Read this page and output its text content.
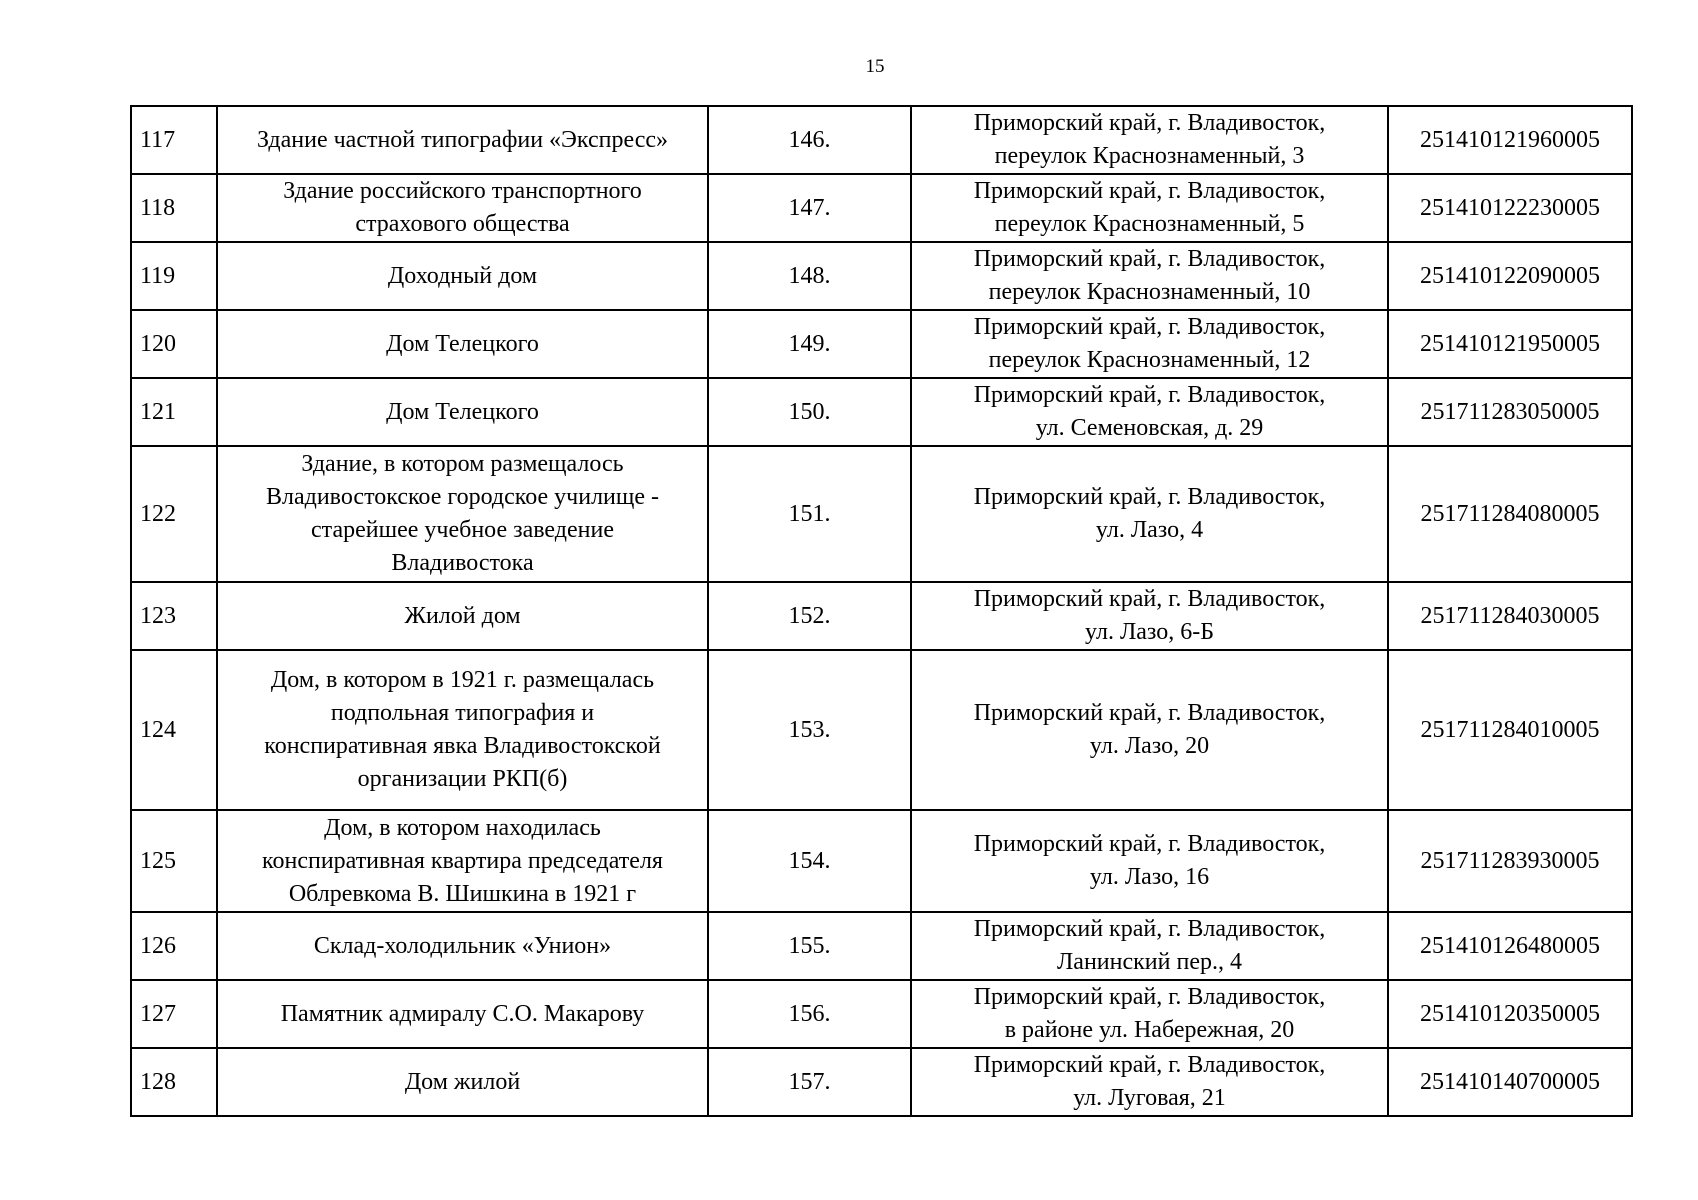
15
117	Здание частной типографии «Экспресс»	146.	Приморский край, г. Владивосток,
переулок Краснознаменный, 3	251410121960005
118	Здание российского транспортного
страхового общества	147.	Приморский край, г. Владивосток,
переулок Краснознаменный, 5	251410122230005
119	Доходный дом	148.	Приморский край, г. Владивосток,
переулок Краснознаменный, 10	251410122090005
120	Дом Телецкого	149.	Приморский край, г. Владивосток,
переулок Краснознаменный, 12	251410121950005
121	Дом Телецкого	150.	Приморский край, г. Владивосток,
ул. Семеновская, д. 29	251711283050005
122	Здание, в котором размещалось
Владивостокское городское училище -
старейшее учебное заведение
Владивостока	151.	Приморский край, г. Владивосток,
ул. Лазо, 4	251711284080005
123	Жилой дом	152.	Приморский край, г. Владивосток,
ул. Лазо, 6-Б	251711284030005
124	Дом, в котором в 1921 г. размещалась
подпольная типография и
конспиративная явка Владивостокской
организации РКП(б)	153.	Приморский край, г. Владивосток,
ул. Лазо, 20	251711284010005
125	Дом, в котором находилась
конспиративная квартира председателя
Облревкома В. Шишкина в 1921 г	154.	Приморский край, г. Владивосток,
ул. Лазо, 16	251711283930005
126	Склад-холодильник «Унион»	155.	Приморский край, г. Владивосток,
Ланинский пер., 4	251410126480005
127	Памятник адмиралу С.О. Макарову	156.	Приморский край, г. Владивосток,
в районе ул. Набережная, 20	251410120350005
128	Дом жилой	157.	Приморский край, г. Владивосток,
ул. Луговая, 21	251410140700005
